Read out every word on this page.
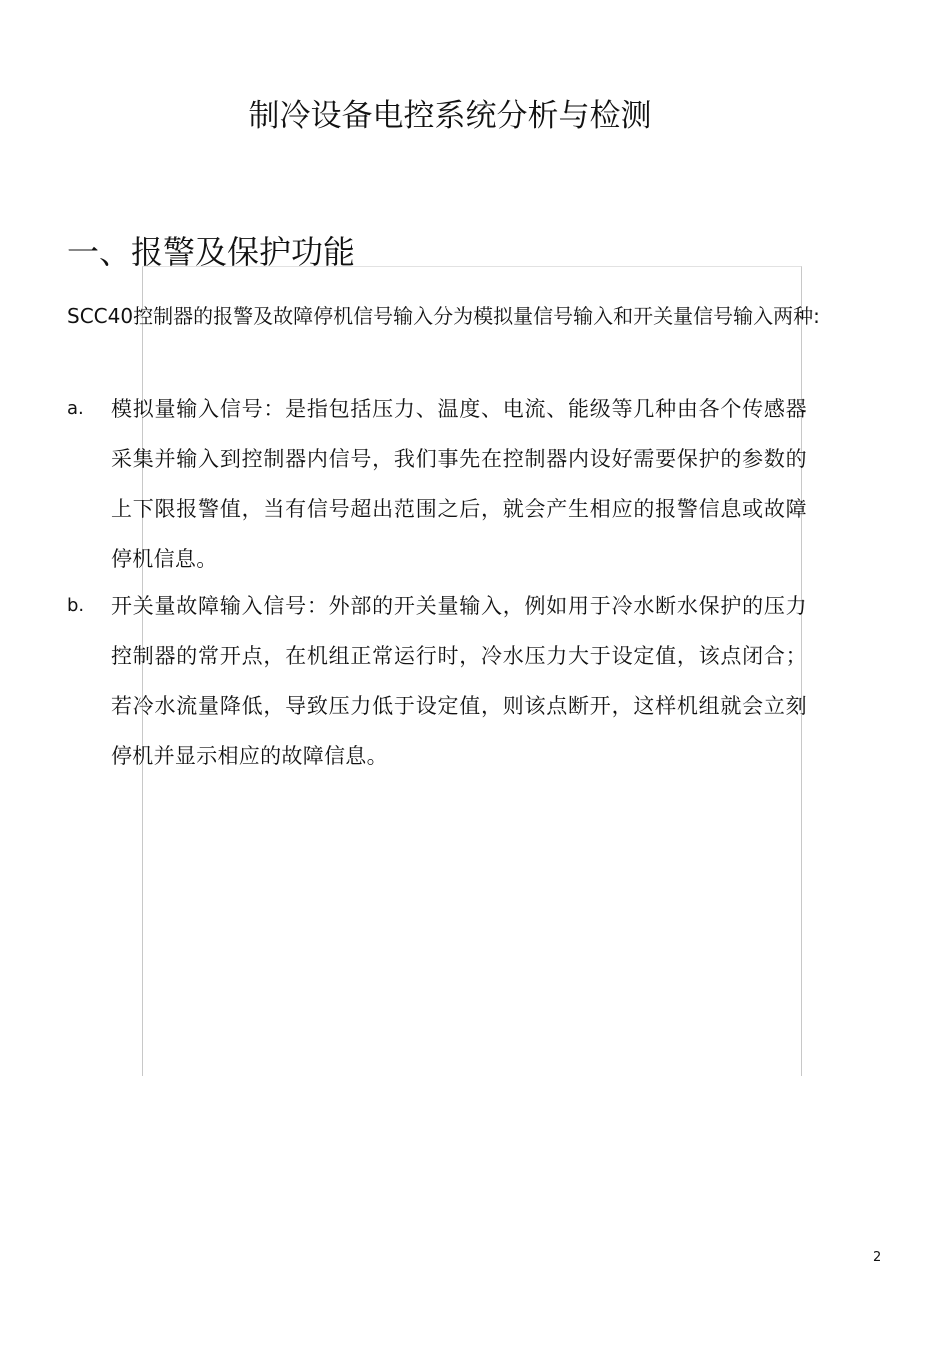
制冷设备电控系统分析与检测
一、报警及保护功能

SCC40控制器的报警及故障停机信号输入分为模拟量信号输入和开关量信号输入两种:

a. 模拟量输入信号：是指包括压力、温度、电流、能级等几种由各个传感器采集并输入到控制器内信号，我们事先在控制器内设好需要保护的参数的上下限报警值，当有信号超出范围之后，就会产生相应的报警信息或故障停机信息。

b. 开关量故障输入信号：外部的开关量输入，例如用于冷水断水保护的压力控制器的常开点，在机组正常运行时，冷水压力大于设定值，该点闭合；若冷水流量降低，导致压力低于设定值，则该点断开，这样机组就会立刻停机并显示相应的故障信息。

2
